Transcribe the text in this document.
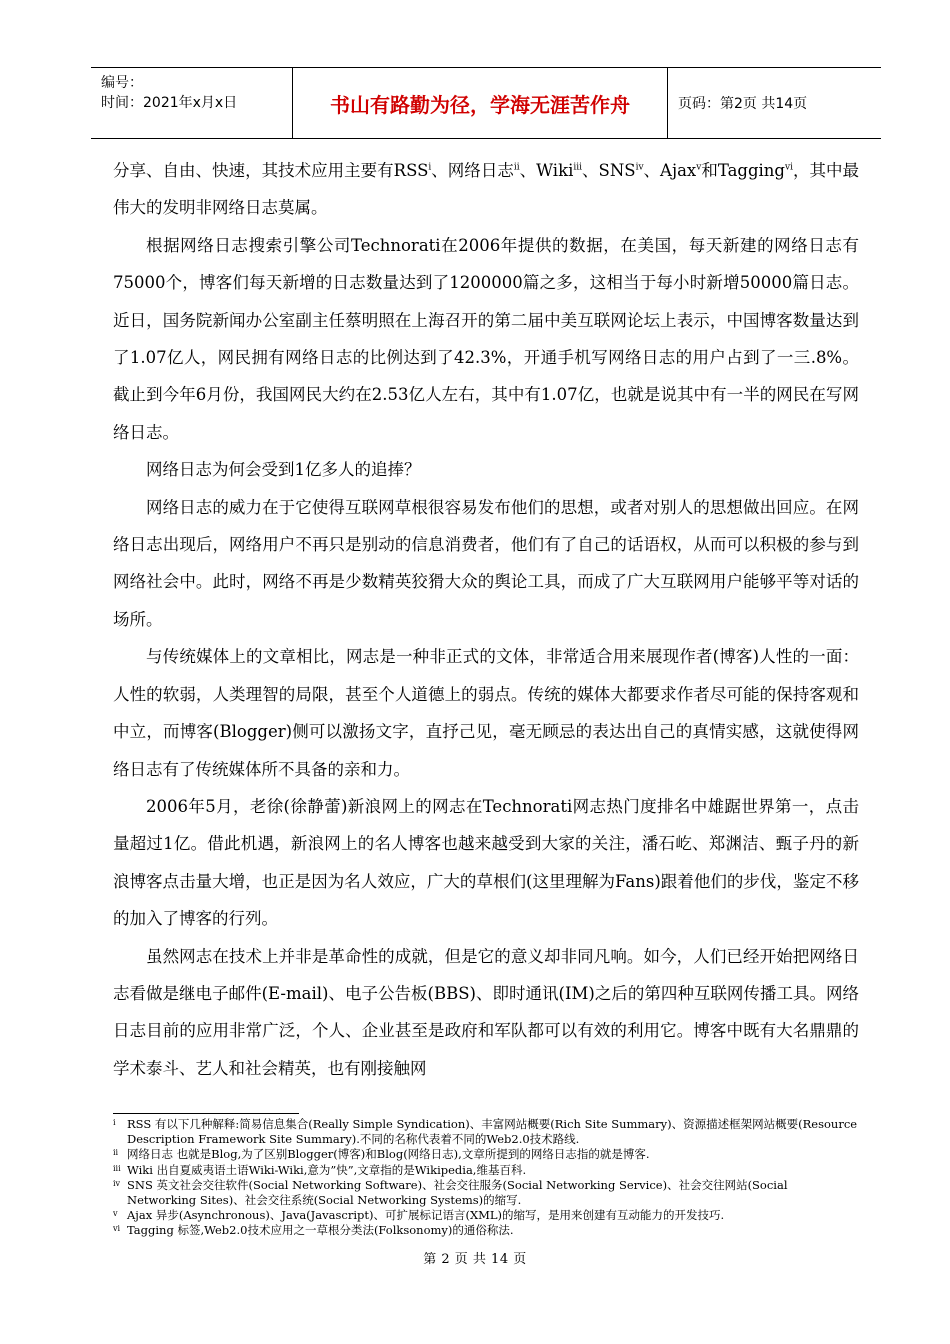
编号：
时间：2021年x月x日	书山有路勤为径，学海无涯苦作舟	页码：第2页 共14页

分享、自由、快速，其技术应用主要有RSS$^i$、网络日志$^{ii}$、Wiki$^{iii}$、SNS$^{iv}$、Ajax$^v$和Tagging$^{vi}$，其中最伟大的发明非网络日志莫属。

根据网络日志搜索引擎公司Technorati在2006年提供的数据，在美国，每天新建的网络日志有75000个，博客们每天新增的日志数量达到了1200000篇之多，这相当于每小时新增50000篇日志。近日，国务院新闻办公室副主任蔡明照在上海召开的第二届中美互联网论坛上表示，中国博客数量达到了1.07亿人，网民拥有网络日志的比例达到了42.3%，开通手机写网络日志的用户占到了一三.8%。截止到今年6月份，我国网民大约在2.53亿人左右，其中有1.07亿，也就是说其中有一半的网民在写网络日志。

网络日志为何会受到1亿多人的追捧？

网络日志的威力在于它使得互联网草根很容易发布他们的思想，或者对别人的思想做出回应。在网络日志出现后，网络用户不再只是别动的信息消费者，他们有了自己的话语权，从而可以积极的参与到网络社会中。此时，网络不再是少数精英狡猾大众的舆论工具，而成了广大互联网用户能够平等对话的场所。

与传统媒体上的文章相比，网志是一种非正式的文体，非常适合用来展现作者(博客)人性的一面：人性的软弱，人类理智的局限，甚至个人道德上的弱点。传统的媒体大都要求作者尽可能的保持客观和中立，而博客(Blogger)侧可以激扬文字，直抒己见，毫无顾忌的表达出自己的真情实感，这就使得网络日志有了传统媒体所不具备的亲和力。

2006年5月，老徐(徐静蕾)新浪网上的网志在Technorati网志热门度排名中雄踞世界第一，点击量超过1亿。借此机遇，新浪网上的名人博客也越来越受到大家的关注，潘石屹、郑渊洁、甄子丹的新浪博客点击量大增，也正是因为名人效应，广大的草根们(这里理解为Fans)跟着他们的步伐，鉴定不移的加入了博客的行列。

虽然网志在技术上并非是革命性的成就，但是它的意义却非同凡响。如今，人们已经开始把网络日志看做是继电子邮件(E-mail)、电子公告板(BBS)、即时通讯(IM)之后的第四种互联网传播工具。网络日志目前的应用非常广泛，个人、企业甚至是政府和军队都可以有效的利用它。博客中既有大名鼎鼎的学术泰斗、艺人和社会精英，也有刚接触网

i RSS 有以下几种解释:简易信息集合(Really Simple Syndication)、丰富网站概要(Rich Site Summary)、资源描述框架网站概要(Resource Description Framework Site Summary).不同的名称代表着不同的Web2.0技术路线.
ii 网络日志 也就是Blog,为了区别Blogger(博客)和Blog(网络日志),文章所提到的网络日志指的就是博客.
iii Wiki 出自夏威夷语土语Wiki-Wiki,意为”快”,文章指的是Wikipedia,维基百科.
iv SNS 英文社会交往软件(Social Networking Software)、社会交往服务(Social Networking Service)、社会交往网站(Social Networking Sites)、社会交往系统(Social Networking Systems)的缩写.
v Ajax 异步(Asynchronous)、Java(Javascript)、可扩展标记语言(XML)的缩写，是用来创建有互动能力的开发技巧.
vi Tagging 标签,Web2.0技术应用之一草根分类法(Folksonomy)的通俗称法.
第 2 页 共 14 页
